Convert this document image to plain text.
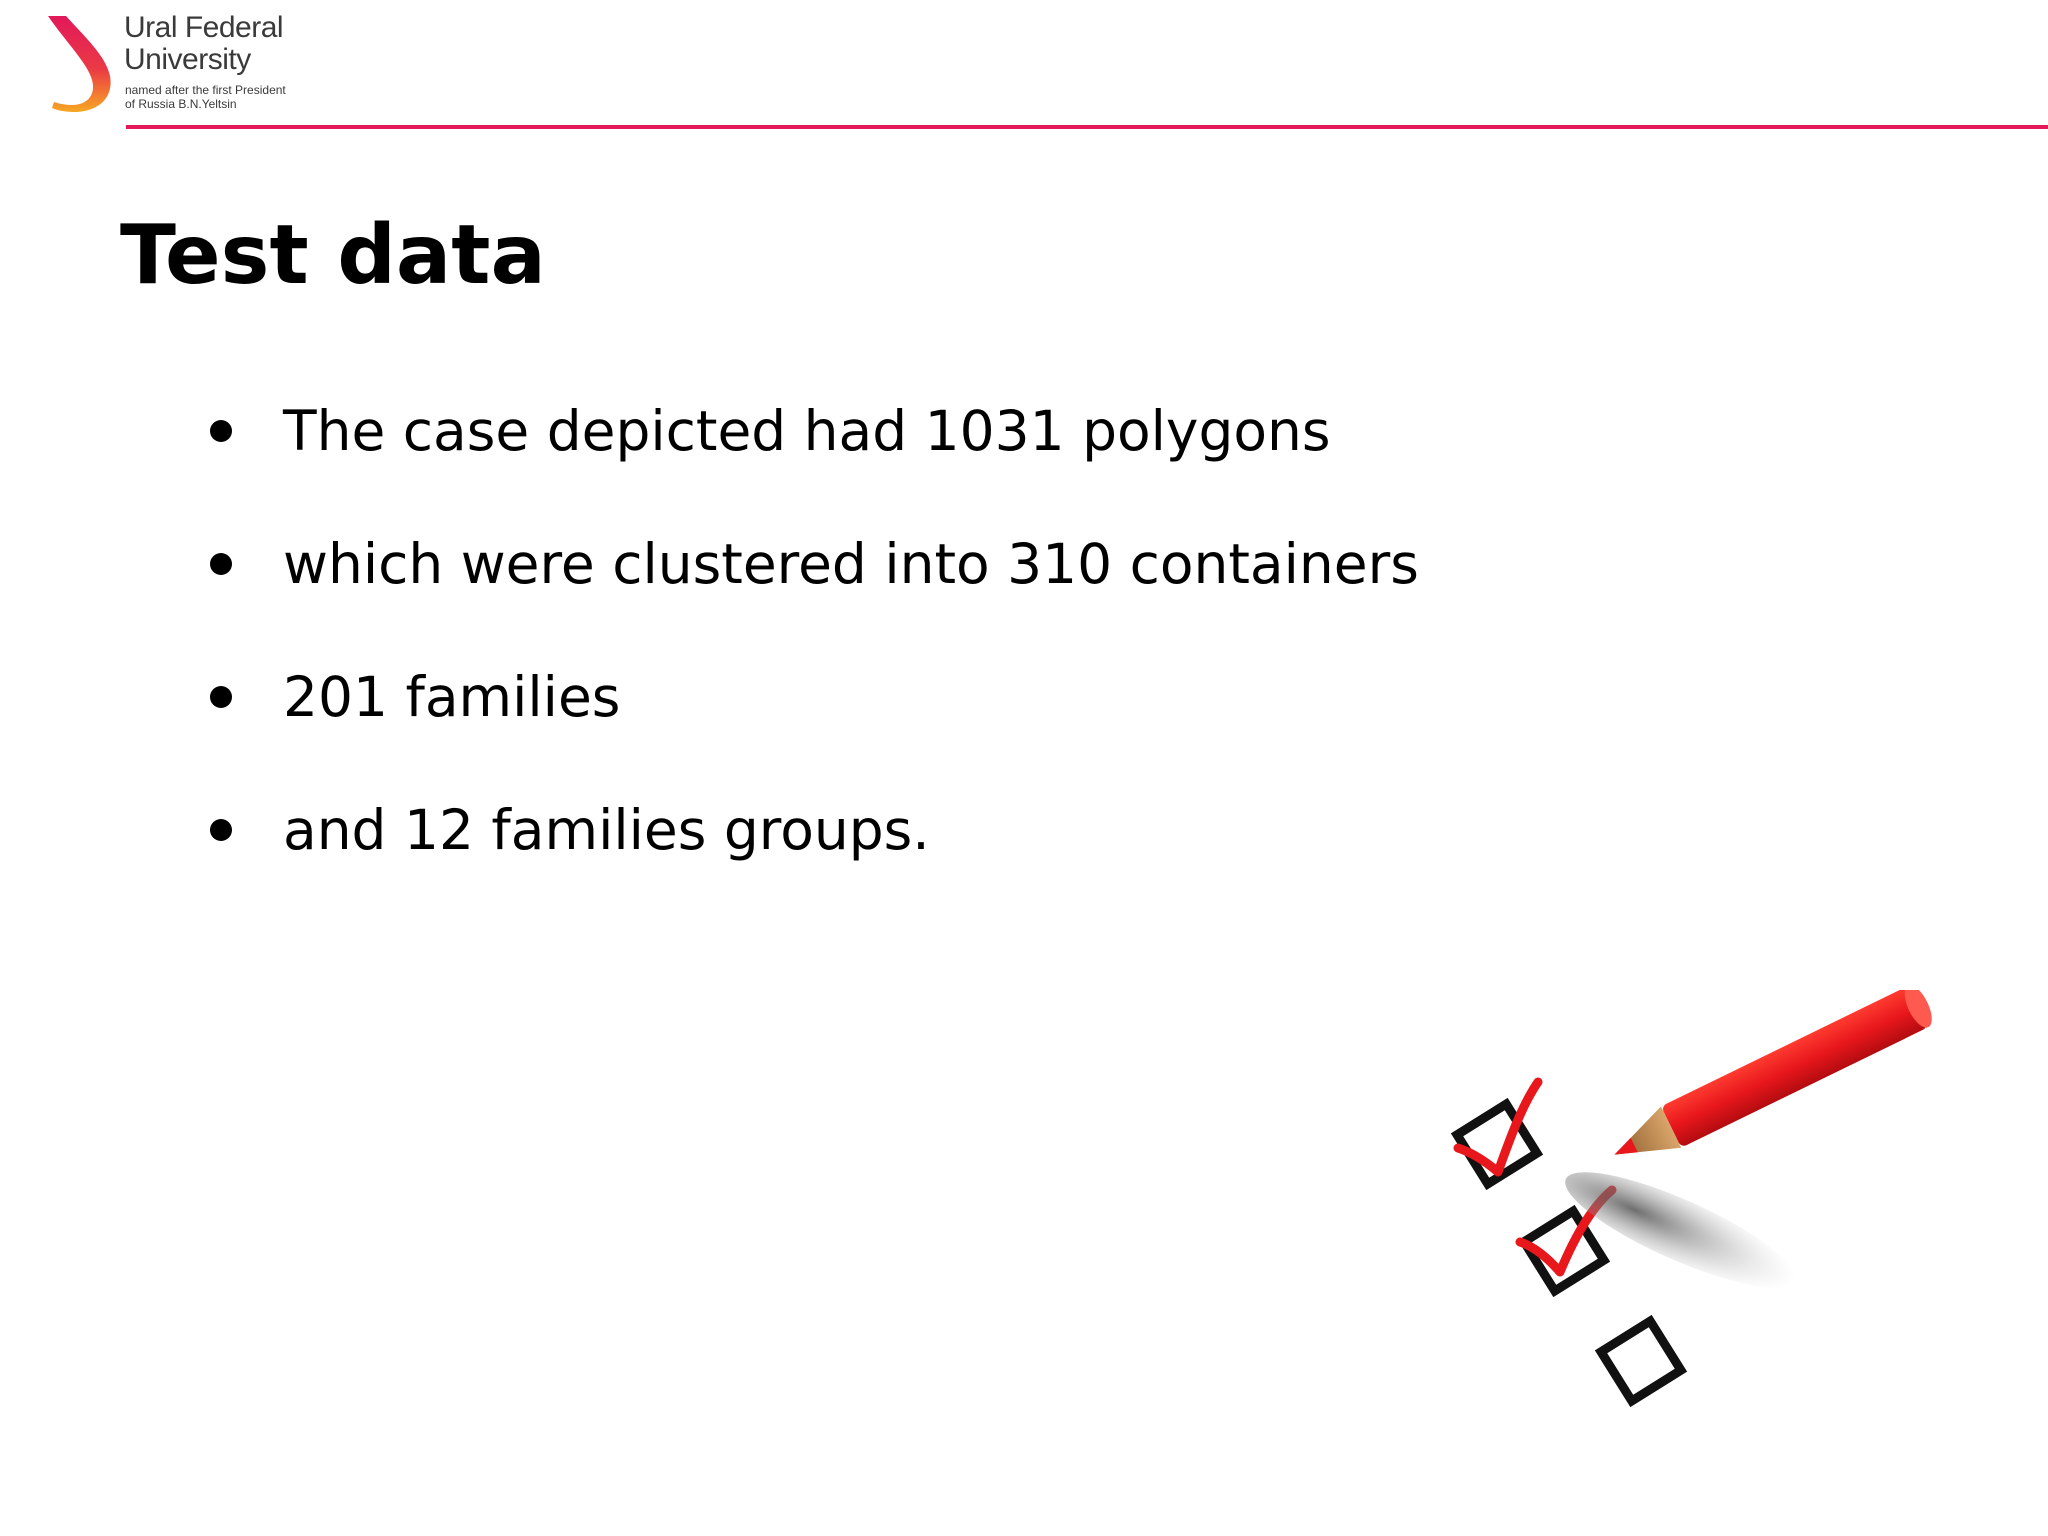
Ural Federal
University
named after the first President
of Russia B.N.Yeltsin
Test data
The case depicted had 1031 polygons
which were clustered into 310 containers
201 families
and 12 families groups.
